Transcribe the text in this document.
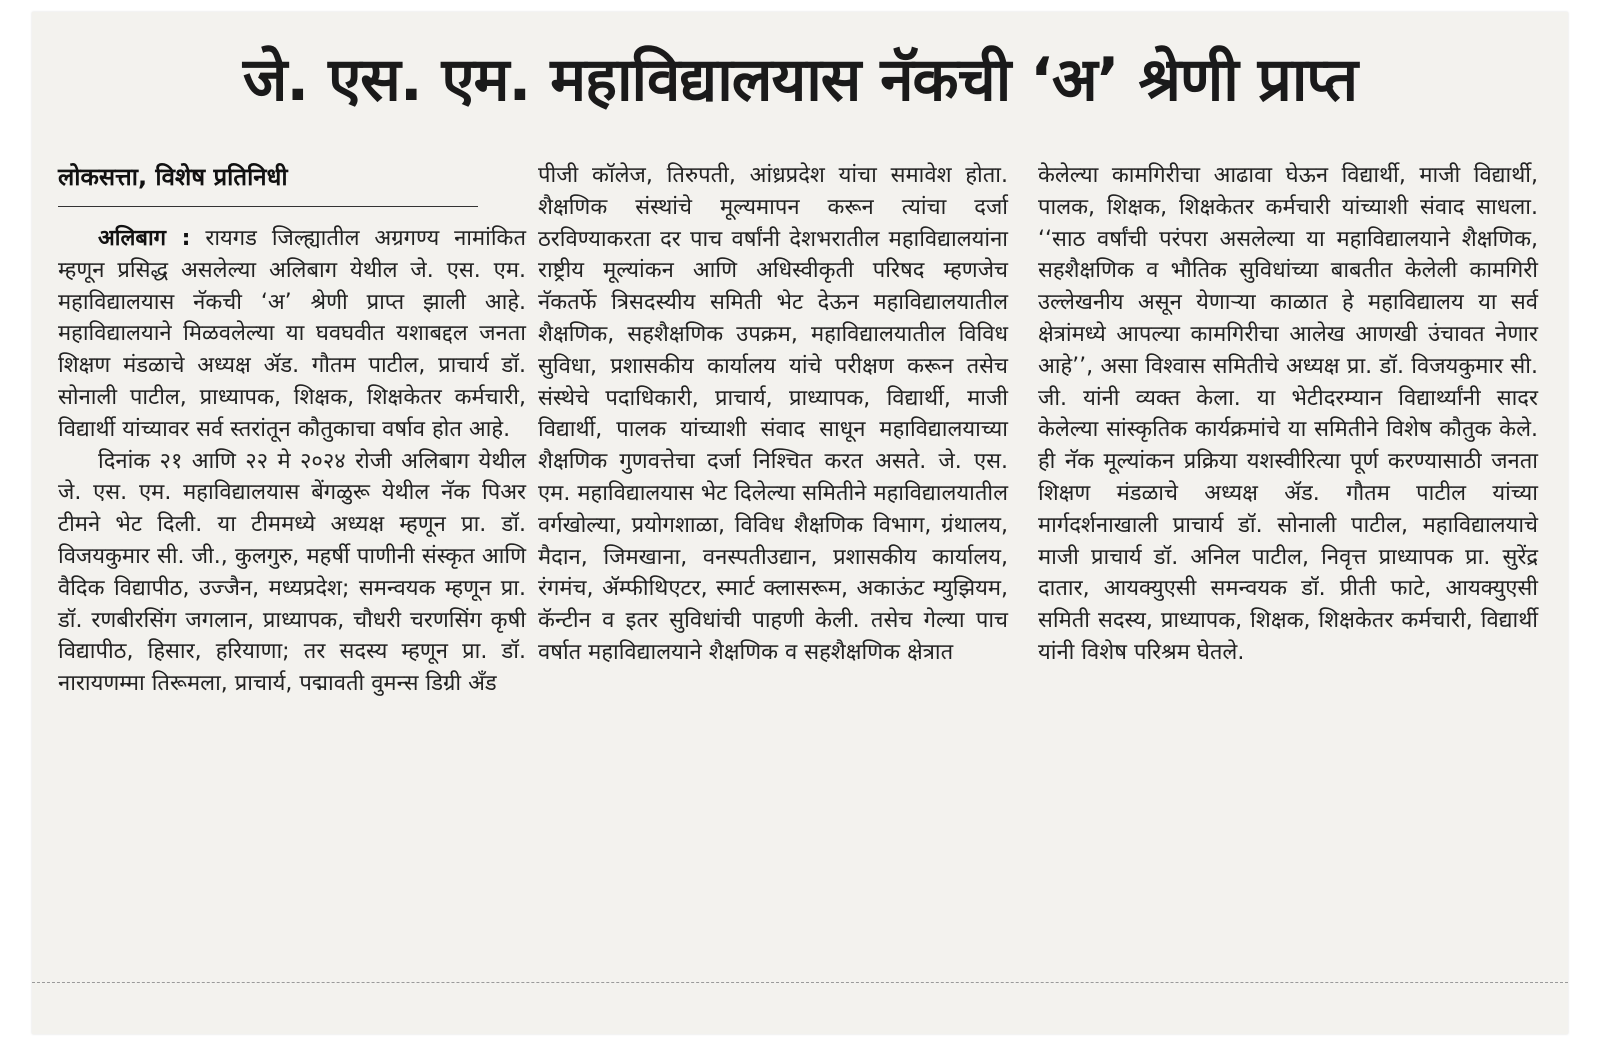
जे. एस. एम. महाविद्यालयास नॅकची ‘अ’ श्रेणी प्राप्त

लोकसत्ता, विशेष प्रतिनिधी

अलिबाग : रायगड जिल्ह्यातील अग्रगण्य नामांकित म्हणून प्रसिद्ध असलेल्या अलिबाग येथील जे. एस. एम. महाविद्यालयास नॅकची ‘अ’ श्रेणी प्राप्त झाली आहे. महाविद्यालयाने मिळवलेल्या या घवघवीत यशाबद्दल जनता शिक्षण मंडळाचे अध्यक्ष ॲड. गौतम पाटील, प्राचार्य डॉ. सोनाली पाटील, प्राध्यापक, शिक्षक, शिक्षकेतर कर्मचारी, विद्यार्थी यांच्यावर सर्व स्तरांतून कौतुकाचा वर्षाव होत आहे.

दिनांक २१ आणि २२ मे २०२४ रोजी अलिबाग येथील जे. एस. एम. महाविद्यालयास बेंगळुरू येथील नॅक पिअर टीमने भेट दिली. या टीममध्ये अध्यक्ष म्हणून प्रा. डॉ. विजयकुमार सी. जी., कुलगुरु, महर्षी पाणीनी संस्कृत आणि वैदिक विद्यापीठ, उज्जैन, मध्यप्रदेश; समन्वयक म्हणून प्रा. डॉ. रणबीरसिंग जगलान, प्राध्यापक, चौधरी चरणसिंग कृषी विद्यापीठ, हिसार, हरियाणा; तर सदस्य म्हणून प्रा. डॉ. नारायणम्मा तिरूमला, प्राचार्य, पद्मावती वुमन्स डिग्री अँड

पीजी कॉलेज, तिरुपती, आंध्रप्रदेश यांचा समावेश होता. शैक्षणिक संस्थांचे मूल्यमापन करून त्यांचा दर्जा ठरविण्याकरता दर पाच वर्षांनी देशभरातील महाविद्यालयांना राष्ट्रीय मूल्यांकन आणि अधिस्वीकृती परिषद म्हणजेच नॅकतर्फे त्रिसदस्यीय समिती भेट देऊन महाविद्यालयातील शैक्षणिक, सहशैक्षणिक उपक्रम, महाविद्यालयातील विविध सुविधा, प्रशासकीय कार्यालय यांचे परीक्षण करून तसेच संस्थेचे पदाधिकारी, प्राचार्य, प्राध्यापक, विद्यार्थी, माजी विद्यार्थी, पालक यांच्याशी संवाद साधून महाविद्यालयाच्या शैक्षणिक गुणवत्तेचा दर्जा निश्चित करत असते. जे. एस. एम. महाविद्यालयास भेट दिलेल्या समितीने महाविद्यालयातील वर्गखोल्या, प्रयोगशाळा, विविध शैक्षणिक विभाग, ग्रंथालय, मैदान, जिमखाना, वनस्पतीउद्यान, प्रशासकीय कार्यालय, रंगमंच, ॲम्फीथिएटर, स्मार्ट क्लासरूम, अकाऊंट म्युझियम, कॅन्टीन व इतर सुविधांची पाहणी केली. तसेच गेल्या पाच वर्षात महाविद्यालयाने शैक्षणिक व सहशैक्षणिक क्षेत्रात

केलेल्या कामगिरीचा आढावा घेऊन विद्यार्थी, माजी विद्यार्थी, पालक, शिक्षक, शिक्षकेतर कर्मचारी यांच्याशी संवाद साधला. ‘‘साठ वर्षांची परंपरा असलेल्या या महाविद्यालयाने शैक्षणिक, सहशैक्षणिक व भौतिक सुविधांच्या बाबतीत केलेली कामगिरी उल्लेखनीय असून येणाऱ्या काळात हे महाविद्यालय या सर्व क्षेत्रांमध्ये आपल्या कामगिरीचा आलेख आणखी उंचावत नेणार आहे’’, असा विश्वास समितीचे अध्यक्ष प्रा. डॉ. विजयकुमार सी. जी. यांनी व्यक्त केला. या भेटीदरम्यान विद्यार्थ्यांनी सादर केलेल्या सांस्कृतिक कार्यक्रमांचे या समितीने विशेष कौतुक केले. ही नॅक मूल्यांकन प्रक्रिया यशस्वीरित्या पूर्ण करण्यासाठी जनता शिक्षण मंडळाचे अध्यक्ष ॲड. गौतम पाटील यांच्या मार्गदर्शनाखाली प्राचार्य डॉ. सोनाली पाटील, महाविद्यालयाचे माजी प्राचार्य डॉ. अनिल पाटील, निवृत्त प्राध्यापक प्रा. सुरेंद्र दातार, आयक्युएसी समन्वयक डॉ. प्रीती फाटे, आयक्युएसी समिती सदस्य, प्राध्यापक, शिक्षक, शिक्षकेतर कर्मचारी, विद्यार्थी यांनी विशेष परिश्रम घेतले.
